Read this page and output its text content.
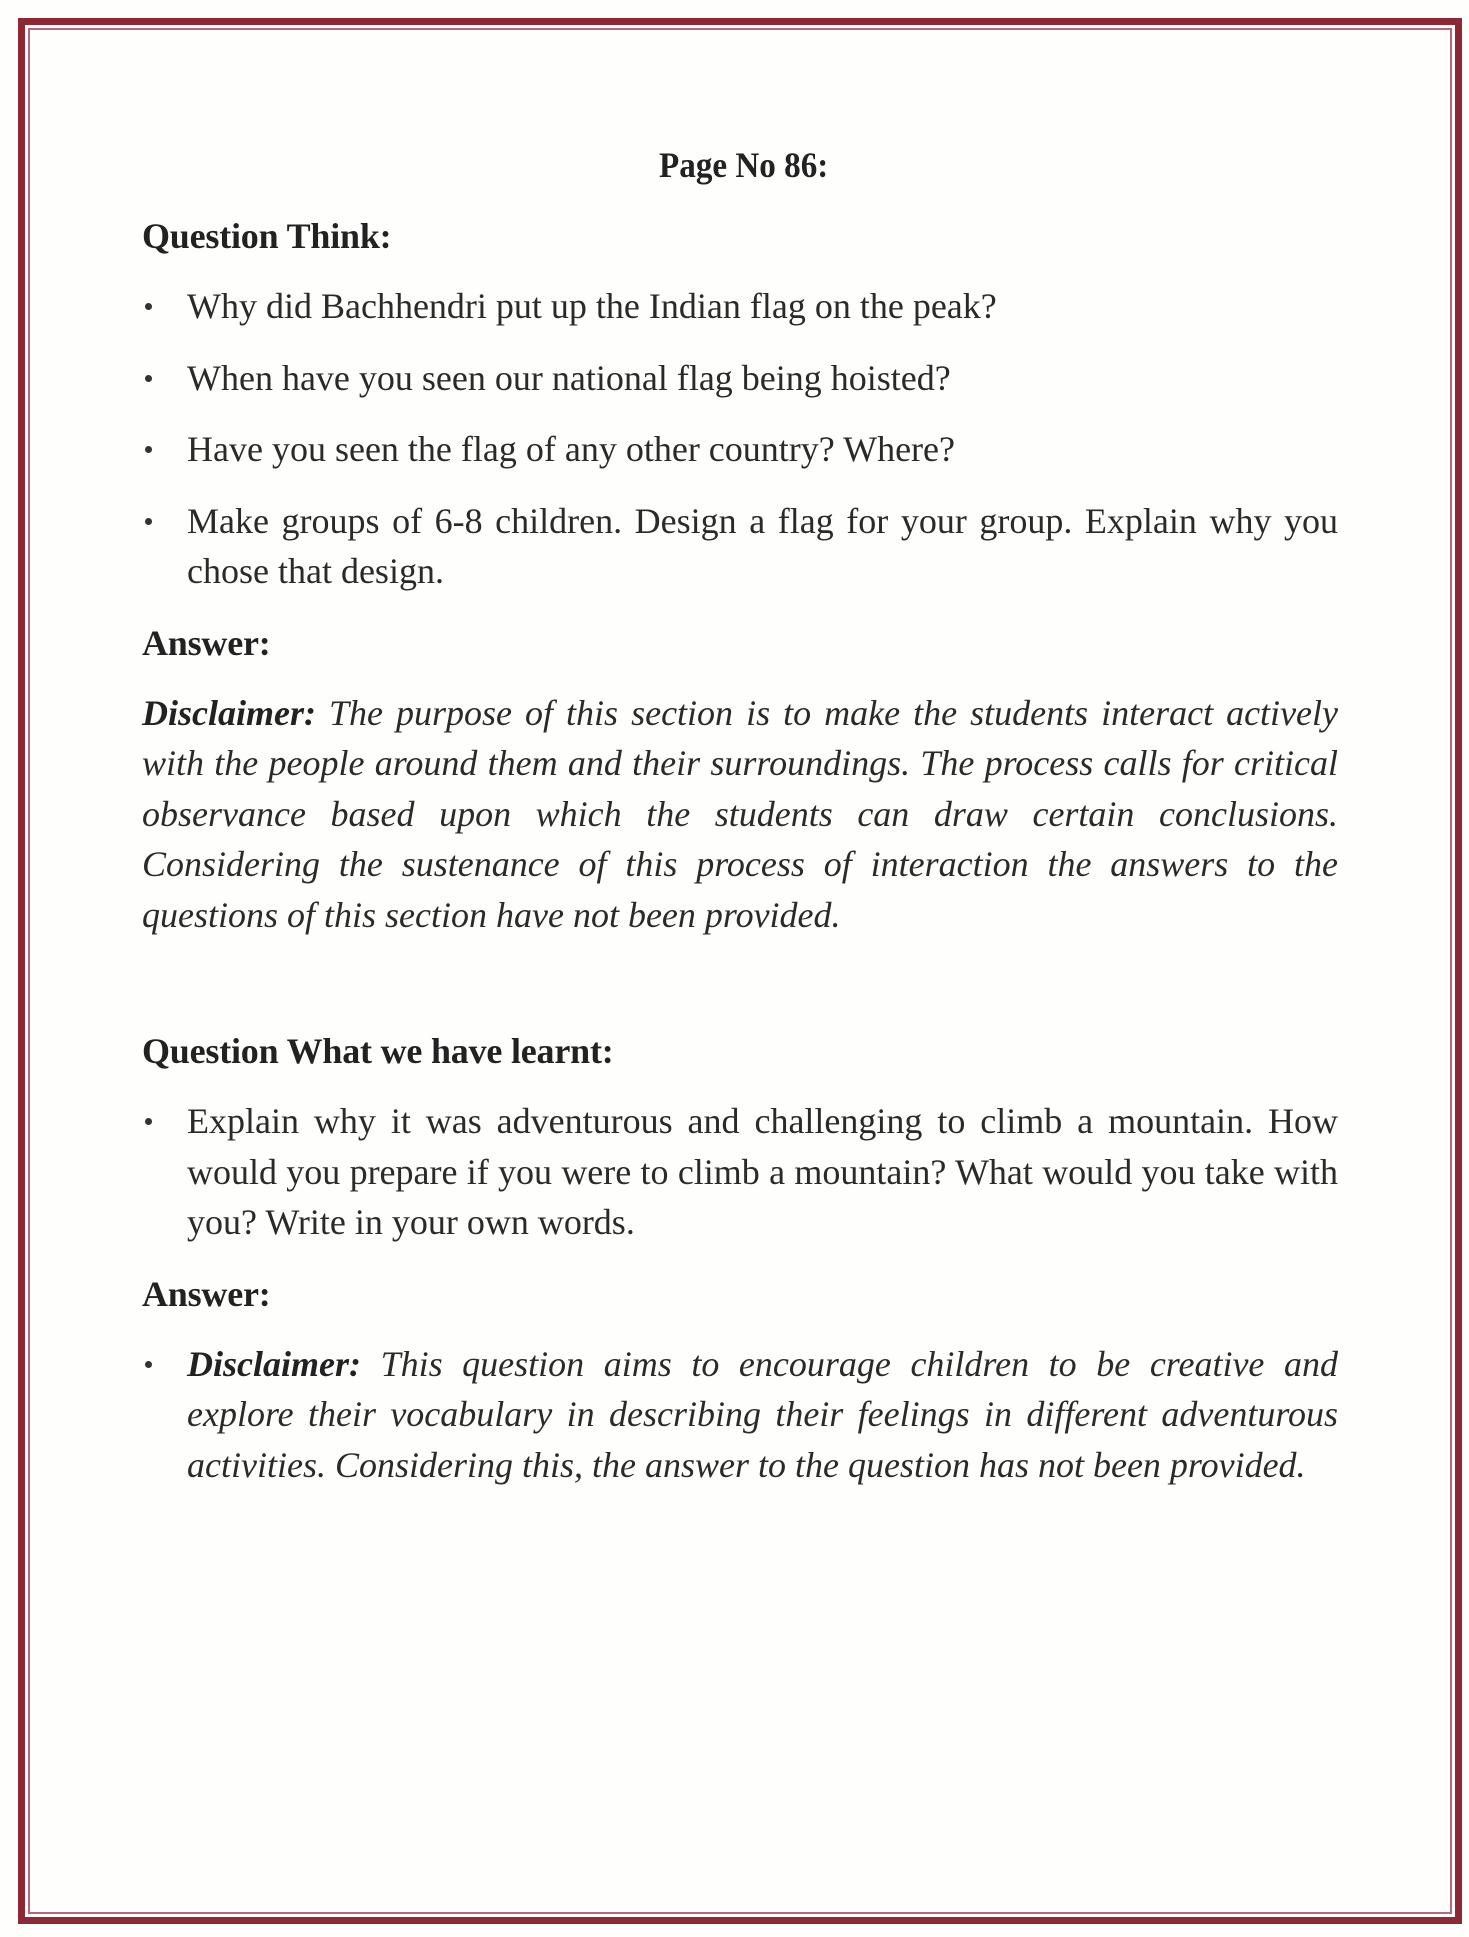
Page No 86:
Question Think:
Why did Bachhendri put up the Indian flag on the peak?
When have you seen our national flag being hoisted?
Have you seen the flag of any other country? Where?
Make groups of 6-8 children. Design a flag for your group. Explain why you chose that design.
Answer:

Disclaimer: The purpose of this section is to make the students interact actively with the people around them and their surroundings. The process calls for critical observance based upon which the students can draw certain conclusions. Considering the sustenance of this process of interaction the answers to the questions of this section have not been provided.

Question What we have learnt:
Explain why it was adventurous and challenging to climb a mountain. How would you prepare if you were to climb a mountain? What would you take with you? Write in your own words.
Answer:
Disclaimer: This question aims to encourage children to be creative and explore their vocabulary in describing their feelings in different adventurous activities. Considering this, the answer to the question has not been provided.
